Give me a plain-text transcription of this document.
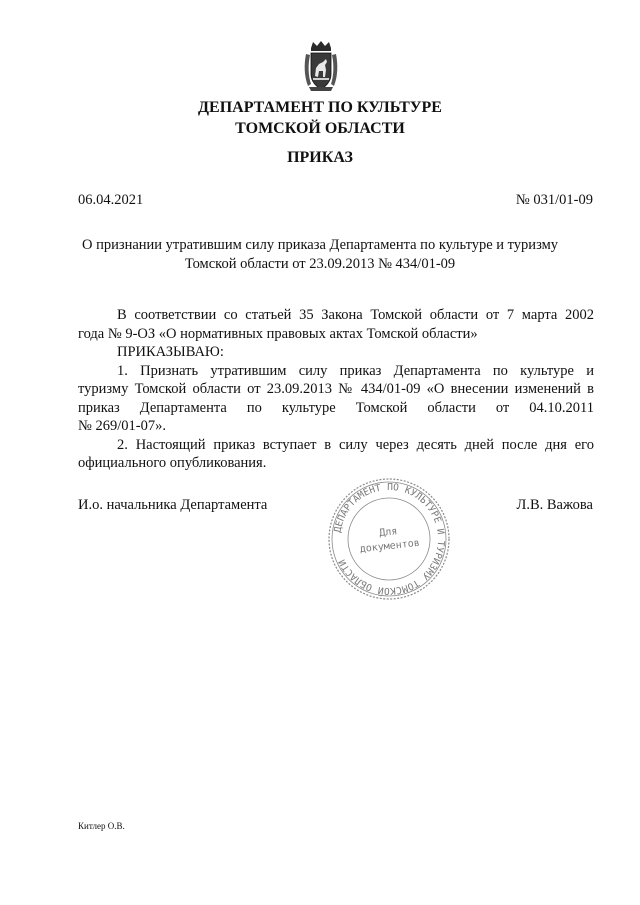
ДЕПАРТАМЕНТ ПО КУЛЬТУРЕ
ТОМСКОЙ ОБЛАСТИ
ПРИКАЗ
06.04.2021	№ 031/01-09
О признании утратившим силу приказа Департамента по культуре и туризму
Томской области от 23.09.2013 № 434/01-09
В соответствии со статьей 35 Закона Томской области от 7 марта 2002
года № 9-ОЗ «О нормативных правовых актах Томской области»
ПРИКАЗЫВАЮ:
1. Признать утратившим силу приказ Департамента по культуре и
туризму Томской области от 23.09.2013 № 434/01-09 «О внесении изменений в
приказ Департамента по культуре Томской области от 04.10.2011
№ 269/01-07».
2. Настоящий приказ вступает в силу через десять дней после дня его
официального опубликования.
И.о. начальника Департамента	Л.В. Важова
ДЕПАРТАМЕНТ ПО КУЛЬТУРЕ И ТУРИЗМУ ТОМСКОЙ ОБЛАСТИ
Для
документов
Китлер О.В.
